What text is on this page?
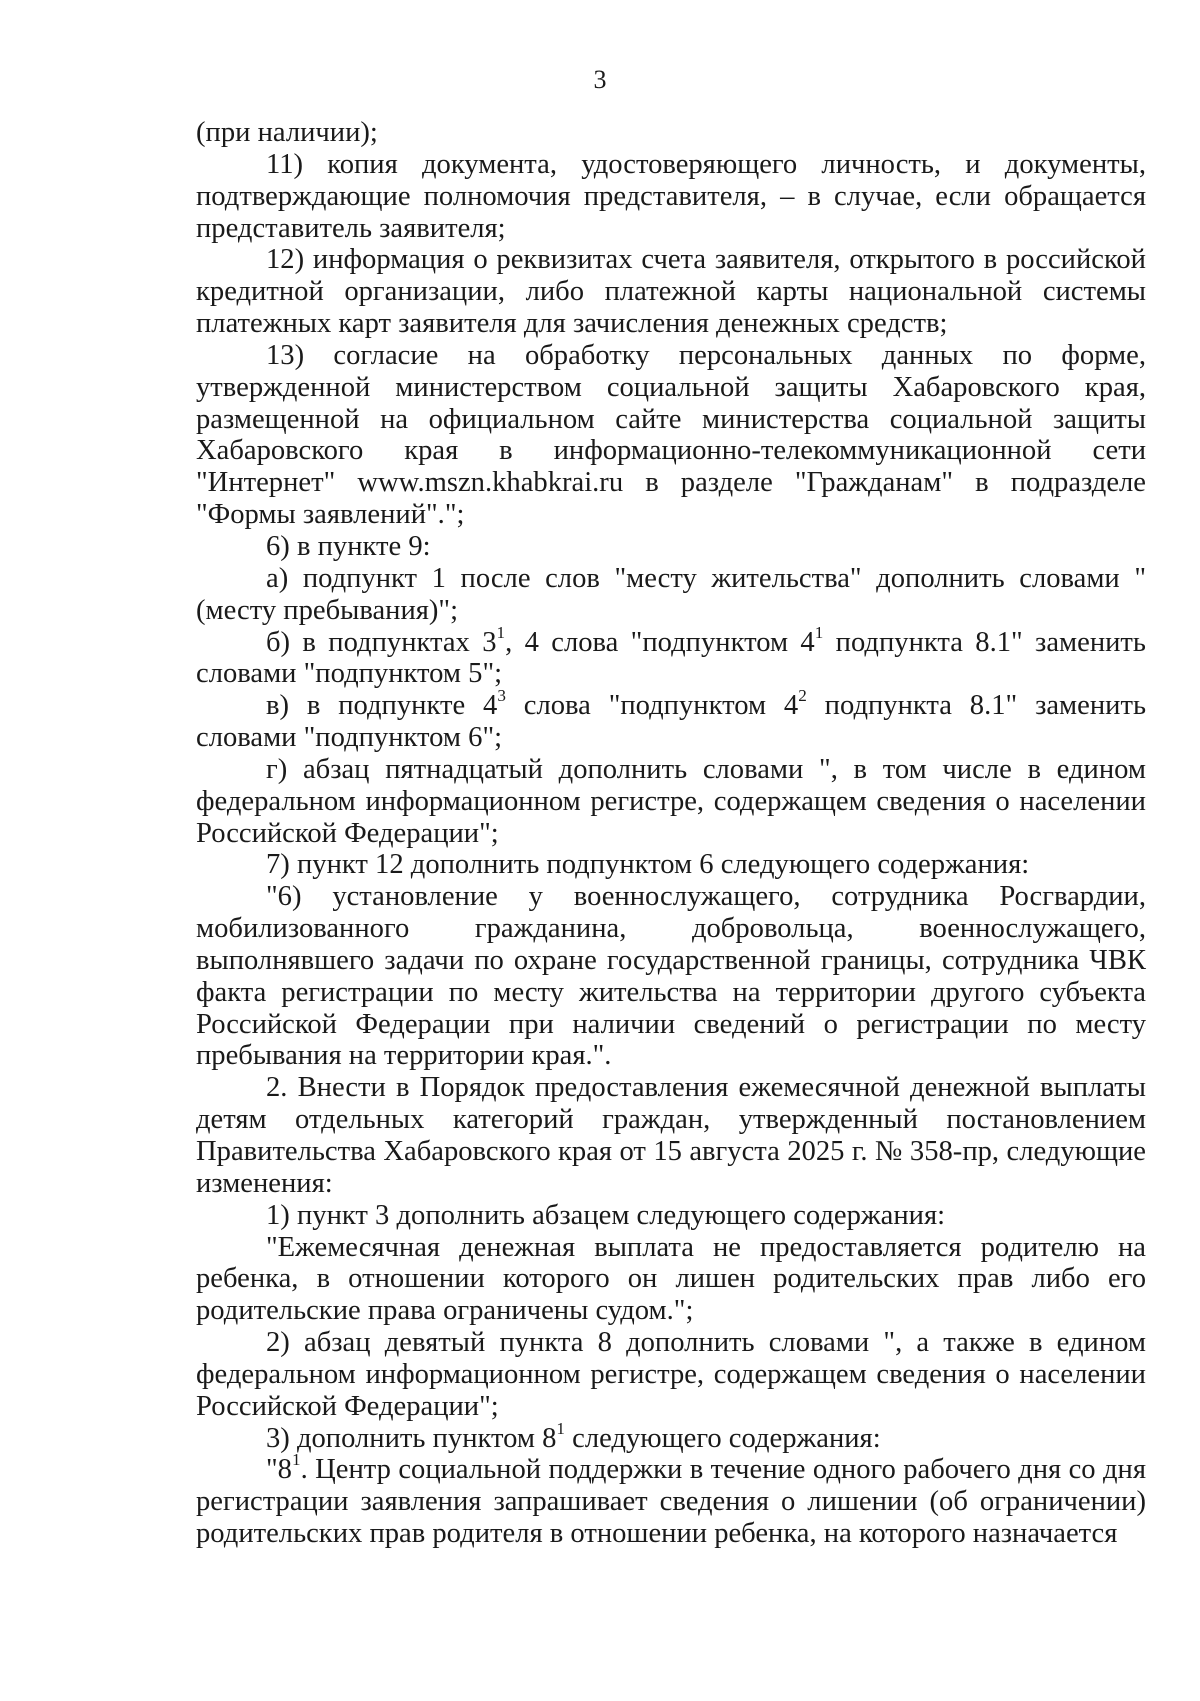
3

(при наличии);

11) копия документа, удостоверяющего личность, и документы, подтверждающие полномочия представителя, – в случае, если обращается представитель заявителя;

12) информация о реквизитах счета заявителя, открытого в российской кредитной организации, либо платежной карты национальной системы платежных карт заявителя для зачисления денежных средств;

13) согласие на обработку персональных данных по форме, утвержденной министерством социальной защиты Хабаровского края, размещенной на официальном сайте министерства социальной защиты Хабаровского края в информационно-телекоммуникационной сети "Интернет" www.mszn.khabkrai.ru в разделе "Гражданам" в подразделе "Формы заявлений".";

6) в пункте 9:

а) подпункт 1 после слов "месту жительства" дополнить словами "(месту пребывания)";

б) в подпунктах $3^1$, 4 слова "подпунктом $4^1$ подпункта 8.1" заменить словами "подпунктом 5";

в) в подпункте $4^3$ слова "подпунктом $4^2$ подпункта 8.1" заменить словами "подпунктом 6";

г) абзац пятнадцатый дополнить словами ", в том числе в едином федеральном информационном регистре, содержащем сведения о населении Российской Федерации";

7) пункт 12 дополнить подпунктом 6 следующего содержания:

"6) установление у военнослужащего, сотрудника Росгвардии, мобилизованного гражданина, добровольца, военнослужащего, выполнявшего задачи по охране государственной границы, сотрудника ЧВК факта регистрации по месту жительства на территории другого субъекта Российской Федерации при наличии сведений о регистрации по месту пребывания на территории края.".

2. Внести в Порядок предоставления ежемесячной денежной выплаты детям отдельных категорий граждан, утвержденный постановлением Правительства Хабаровского края от 15 августа 2025 г. № 358-пр, следующие изменения:

1) пункт 3 дополнить абзацем следующего содержания:

"Ежемесячная денежная выплата не предоставляется родителю на ребенка, в отношении которого он лишен родительских прав либо его родительские права ограничены судом.";

2) абзац девятый пункта 8 дополнить словами ", а также в едином федеральном информационном регистре, содержащем сведения о населении Российской Федерации";

3) дополнить пунктом $8^1$ следующего содержания:

"$8^1$. Центр социальной поддержки в течение одного рабочего дня со дня регистрации заявления запрашивает сведения о лишении (об ограничении) родительских прав родителя в отношении ребенка, на которого назначается
